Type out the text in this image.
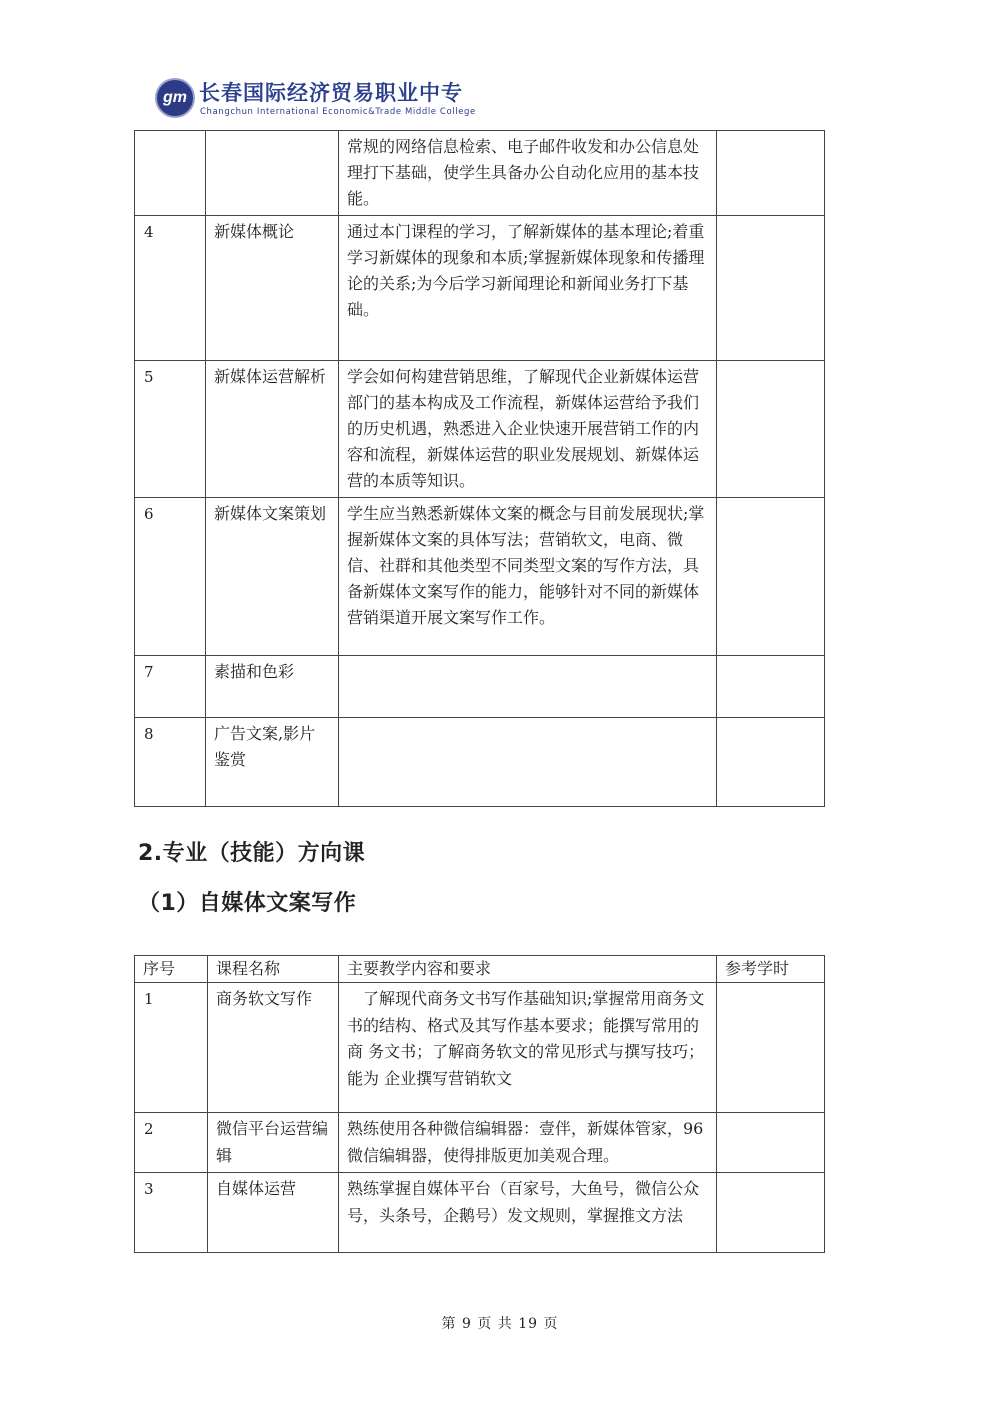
gm 长春国际经济贸易职业中专
Changchun International Economic&Trade Middle College
		常规的网络信息检索、电子邮件收发和办公信息处理打下基础，使学生具备办公自动化应用的基本技能。	
4	新媒体概论	通过本门课程的学习，了解新媒体的基本理论;着重学习新媒体的现象和本质;掌握新媒体现象和传播理论的关系;为今后学习新闻理论和新闻业务打下基础。	
5	新媒体运营解析	学会如何构建营销思维，了解现代企业新媒体运营部门的基本构成及工作流程，新媒体运营给予我们的历史机遇，熟悉进入企业快速开展营销工作的内容和流程，新媒体运营的职业发展规划、新媒体运营的本质等知识。	
6	新媒体文案策划	学生应当熟悉新媒体文案的概念与目前发展现状;掌握新媒体文案的具体写法；营销软文，电商、微信、社群和其他类型不同类型文案的写作方法，具备新媒体文案写作的能力，能够针对不同的新媒体营销渠道开展文案写作工作。	
7	素描和色彩		
8	广告文案,影片鉴赏		
2.专业（技能）方向课
（1）自媒体文案写作
序号	课程名称	主要教学内容和要求	参考学时
1	商务软文写作	　了解现代商务文书写作基础知识;掌握常用商务文 书的结构、格式及其写作基本要求；能撰写常用的商 务文书；了解商务软文的常见形式与撰写技巧；能为 企业撰写营销软文	
2	微信平台运营编辑	熟练使用各种微信编辑器：壹伴，新媒体管家，96微信编辑器，使得排版更加美观合理。	
3	自媒体运营	熟练掌握自媒体平台（百家号，大鱼号，微信公众号，头条号，企鹅号）发文规则，掌握推文方法	
第 9 页 共 19 页
